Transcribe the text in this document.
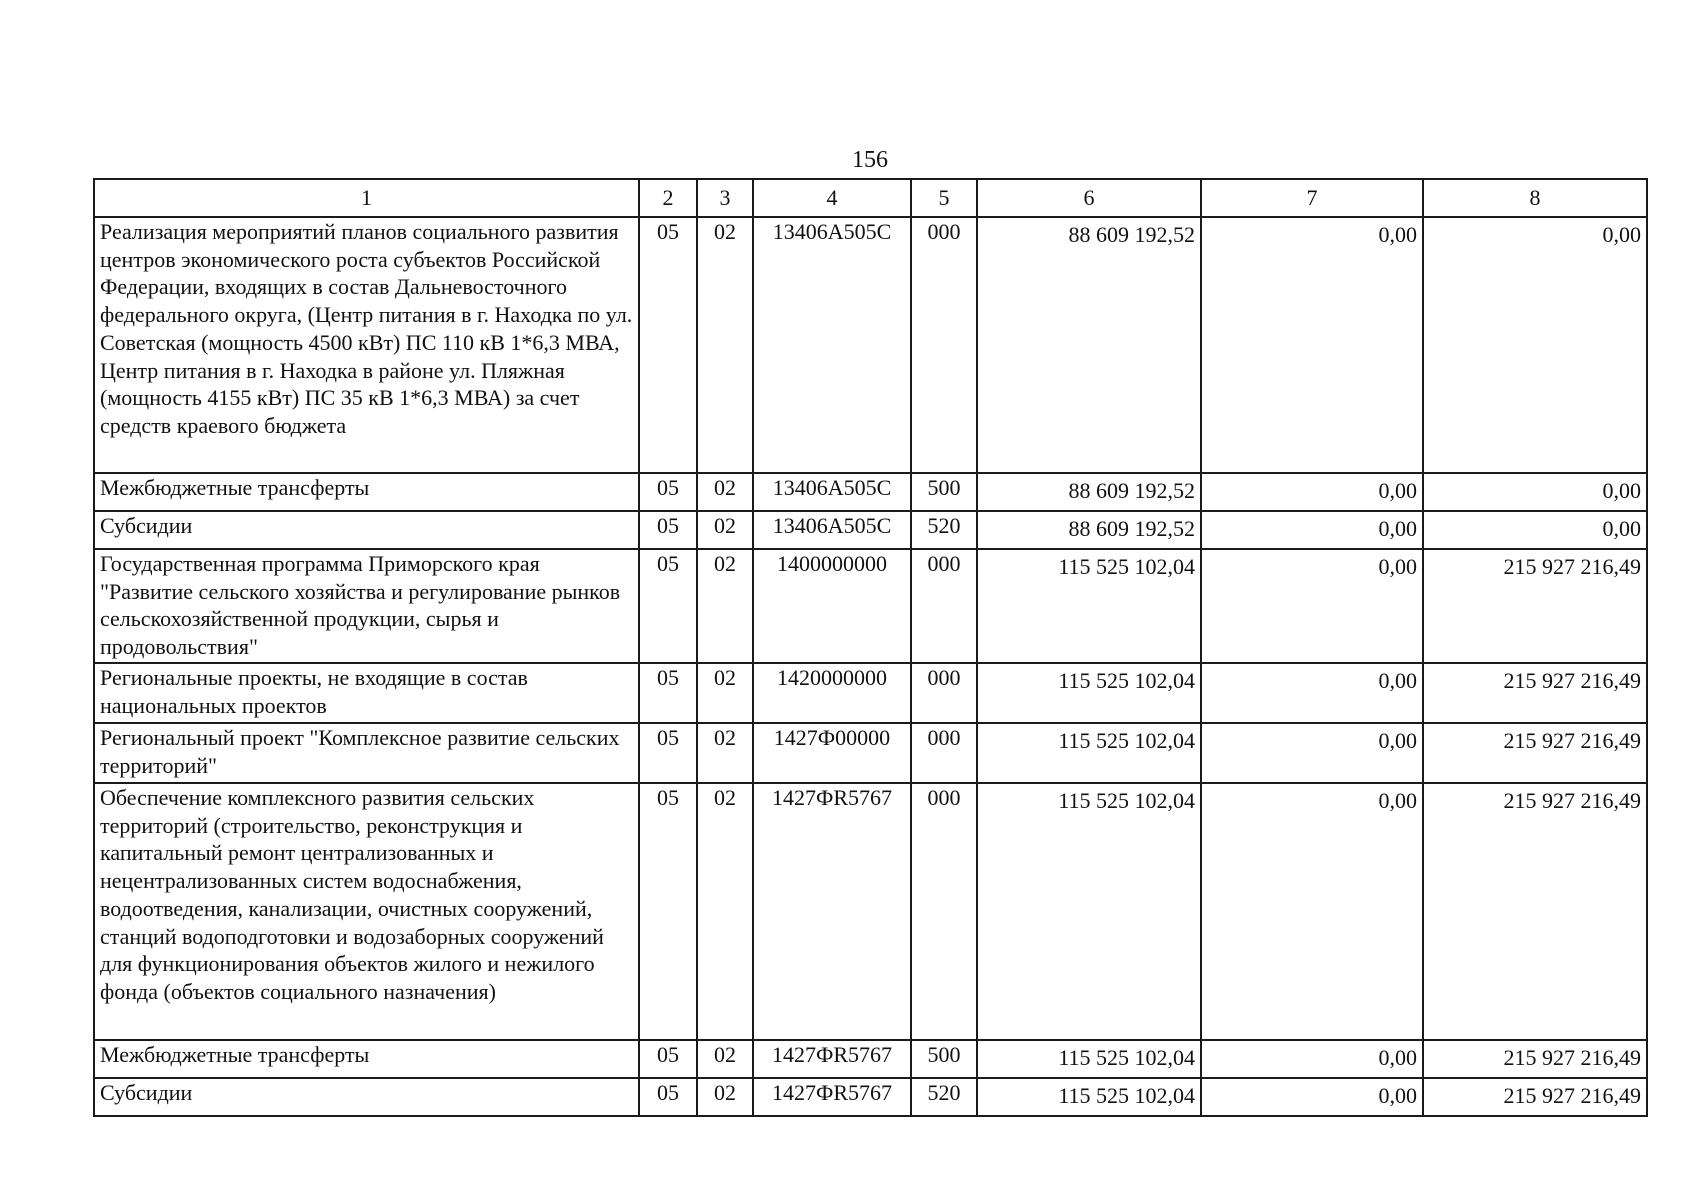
156
1	2	3	4	5	6	7	8
Реализация мероприятий планов социального развития центров экономического роста субъектов Российской Федерации, входящих в состав Дальневосточного федерального округа, (Центр питания в г. Находка по ул. Советская (мощность 4500 кВт) ПС 110 кВ 1*6,3 МВА, Центр питания в г. Находка в районе ул. Пляжная (мощность 4155 кВт) ПС 35 кВ 1*6,3 МВА) за счет средств краевого бюджета	05	02	13406A505C	000	88 609 192,52	0,00	0,00
Межбюджетные трансферты	05	02	13406A505C	500	88 609 192,52	0,00	0,00
Субсидии	05	02	13406A505C	520	88 609 192,52	0,00	0,00
Государственная программа Приморского края "Развитие сельского хозяйства и регулирование рынков сельскохозяйственной продукции, сырья и продовольствия"	05	02	1400000000	000	115 525 102,04	0,00	215 927 216,49
Региональные проекты, не входящие в состав национальных проектов	05	02	1420000000	000	115 525 102,04	0,00	215 927 216,49
Региональный проект "Комплексное развитие сельских территорий"	05	02	1427Ф00000	000	115 525 102,04	0,00	215 927 216,49
Обеспечение комплексного развития сельских территорий (строительство, реконструкция и капитальный ремонт централизованных и нецентрализованных систем водоснабжения, водоотведения, канализации, очистных сооружений, станций водоподготовки и водозаборных сооружений для функционирования объектов жилого и нежилого фонда (объектов социального назначения)	05	02	1427ФR5767	000	115 525 102,04	0,00	215 927 216,49
Межбюджетные трансферты	05	02	1427ФR5767	500	115 525 102,04	0,00	215 927 216,49
Субсидии	05	02	1427ФR5767	520	115 525 102,04	0,00	215 927 216,49
